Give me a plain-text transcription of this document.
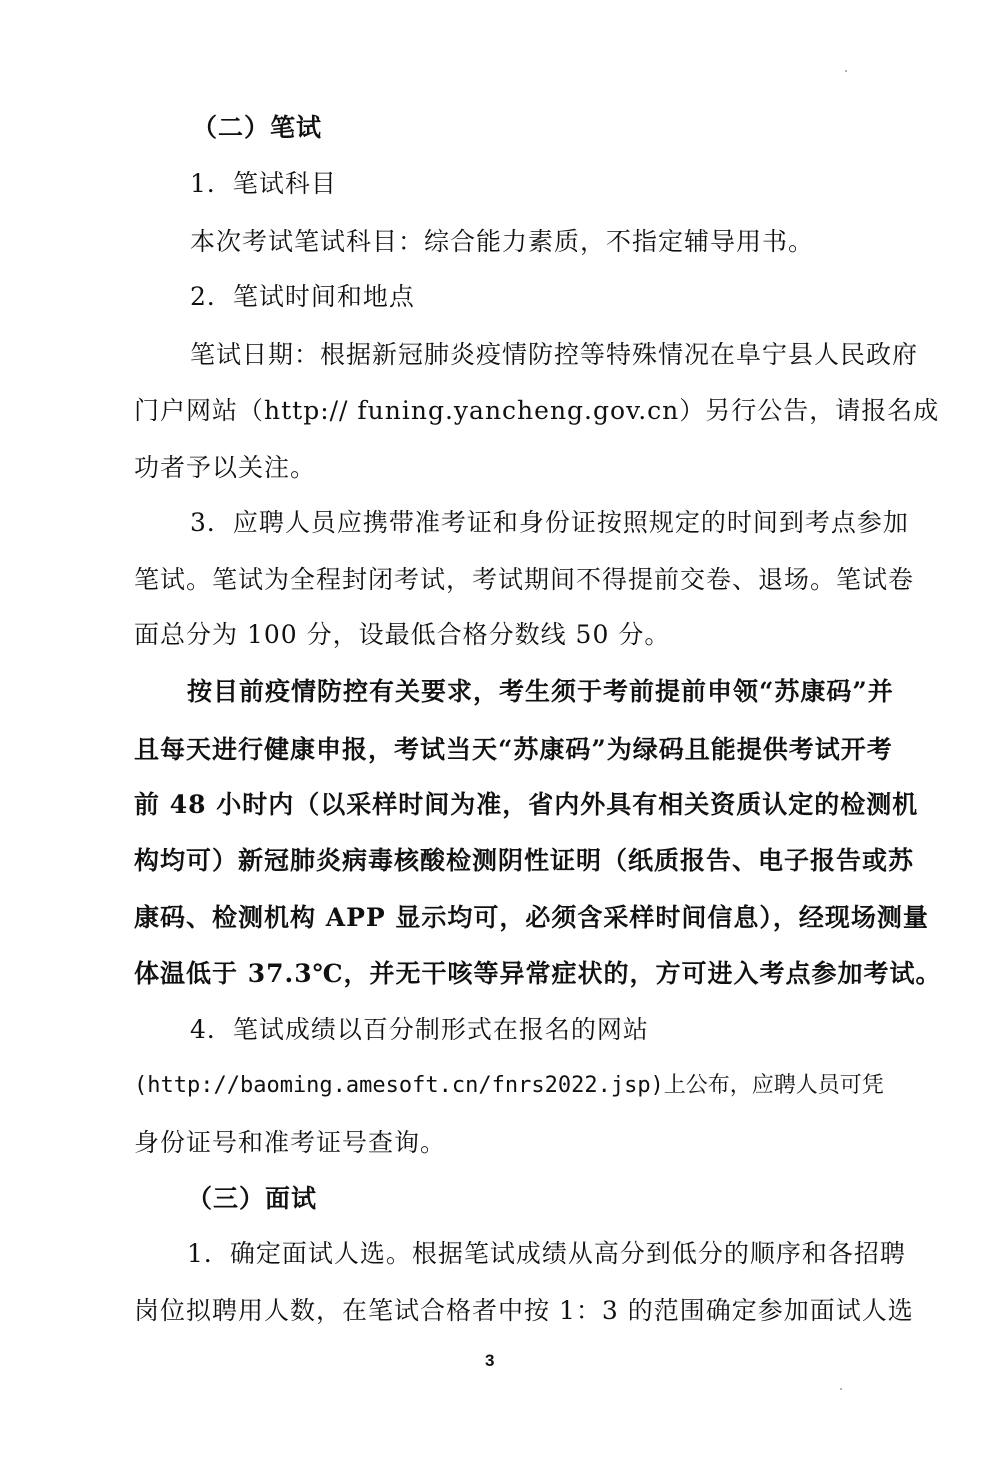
（二）笔试
1．笔试科目
本次考试笔试科目：综合能力素质，不指定辅导用书。
2．笔试时间和地点
笔试日期：根据新冠肺炎疫情防控等特殊情况在阜宁县人民政府
门户网站（http:// funing.yancheng.gov.cn）另行公告，请报名成
功者予以关注。
3．应聘人员应携带准考证和身份证按照规定的时间到考点参加
笔试。笔试为全程封闭考试，考试期间不得提前交卷、退场。笔试卷
面总分为 100 分，设最低合格分数线 50 分。
按目前疫情防控有关要求，考生须于考前提前申领“苏康码”并
且每天进行健康申报，考试当天“苏康码”为绿码且能提供考试开考
前 48 小时内（以采样时间为准，省内外具有相关资质认定的检测机
构均可）新冠肺炎病毒核酸检测阴性证明（纸质报告、电子报告或苏
康码、检测机构 APP 显示均可，必须含采样时间信息），经现场测量
体温低于 37.3℃，并无干咳等异常症状的，方可进入考点参加考试。
4．笔试成绩以百分制形式在报名的网站
(http://baoming.amesoft.cn/fnrs2022.jsp)上公布，应聘人员可凭
身份证号和准考证号查询。
（三）面试
1．确定面试人选。根据笔试成绩从高分到低分的顺序和各招聘
岗位拟聘用人数，在笔试合格者中按 1：3 的范围确定参加面试人选
3
